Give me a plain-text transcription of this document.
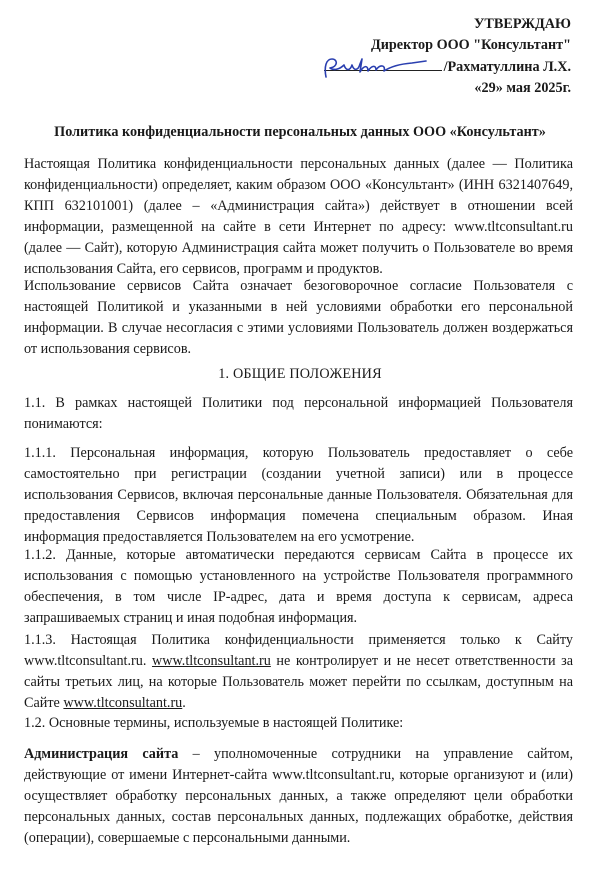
УТВЕРЖДАЮ
Директор ООО "Консультант"
/Рахматуллина Л.Х.
«29» мая 2025г.
Политика конфиденциальности персональных данных ООО «Консультант»

Настоящая Политика конфиденциальности персональных данных (далее — Политика конфиденциальности) определяет, каким образом ООО «Консультант» (ИНН 6321407649, КПП 632101001) (далее – «Администрация сайта») действует в отношении всей информации, размещенной на сайте в сети Интернет по адресу: www.tltconsultant.ru (далее — Сайт), которую Администрация сайта может получить о Пользователе во время использования Сайта, его сервисов, программ и продуктов.

Использование сервисов Сайта означает безоговорочное согласие Пользователя с настоящей Политикой и указанными в ней условиями обработки его персональной информации. В случае несогласия с этими условиями Пользователь должен воздержаться от использования сервисов.

1. ОБЩИЕ ПОЛОЖЕНИЯ

1.1. В рамках настоящей Политики под персональной информацией Пользователя понимаются:

1.1.1. Персональная информация, которую Пользователь предоставляет о себе самостоятельно при регистрации (создании учетной записи) или в процессе использования Сервисов, включая персональные данные Пользователя. Обязательная для предоставления Сервисов информация помечена специальным образом. Иная информация предоставляется Пользователем на его усмотрение.

1.1.2. Данные, которые автоматически передаются сервисам Сайта в процессе их использования с помощью установленного на устройстве Пользователя программного обеспечения, в том числе IP-адрес, дата и время доступа к сервисам, адреса запрашиваемых страниц и иная подобная информация.

1.1.3. Настоящая Политика конфиденциальности применяется только к Сайту www.tltconsultant.ru. www.tltconsultant.ru не контролирует и не несет ответственности за сайты третьих лиц, на которые Пользователь может перейти по ссылкам, доступным на Сайте www.tltconsultant.ru.

1.2. Основные термины, используемые в настоящей Политике:

Администрация сайта – уполномоченные сотрудники на управление сайтом, действующие от имени Интернет-сайта www.tltconsultant.ru, которые организуют и (или) осуществляет обработку персональных данных, а также определяют цели обработки персональных данных, состав персональных данных, подлежащих обработке, действия (операции), совершаемые с персональными данными.
